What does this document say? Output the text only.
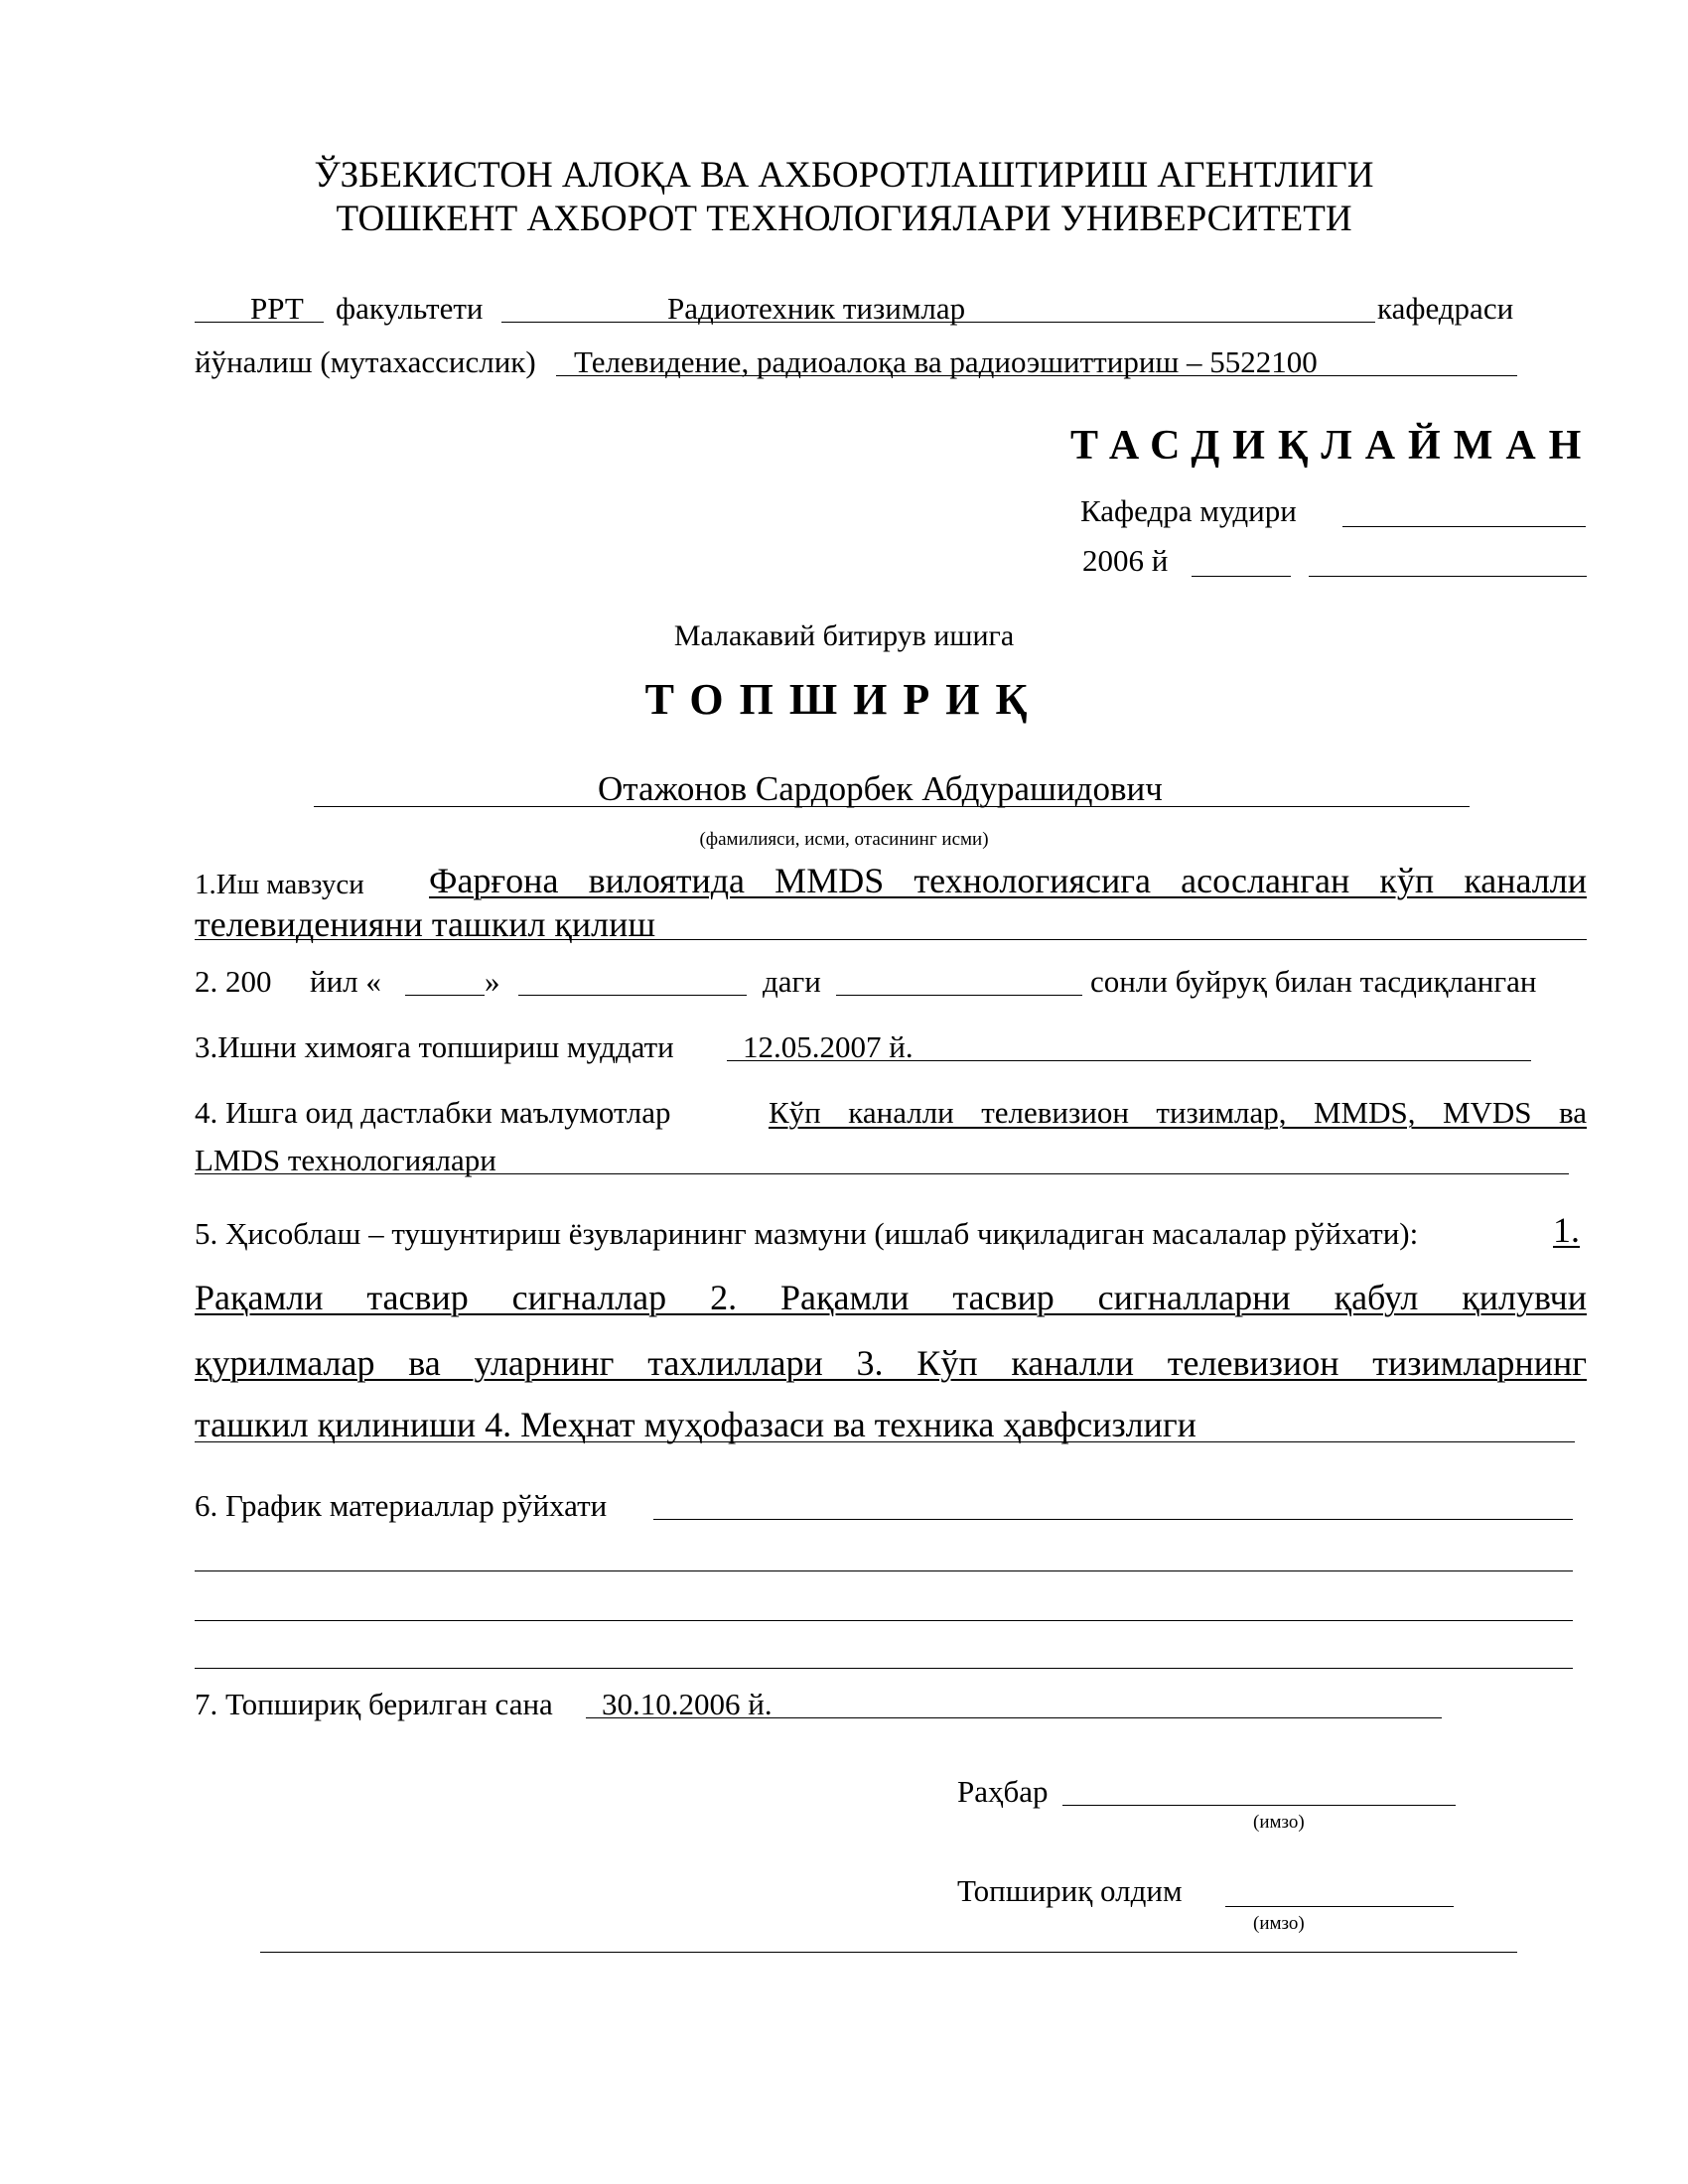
ЎЗБЕКИСТОН АЛОҚА ВА АХБОРОТЛАШТИРИШ АГЕНТЛИГИ
ТОШКЕНТ АХБОРОТ ТЕХНОЛОГИЯЛАРИ УНИВЕРСИТЕТИ
РРТ факультети	Радиотехник тизимлар	кафедраси
йўналиш (мутахассислик) Телевидение, радиоалоқа ва радиоэшиттириш – 5522100
ТАСДИҚЛАЙМАН
Кафедра мудири
2006 й
Малакавий битирув ишига
ТОПШИРИҚ
Отажонов Сардорбек Абдурашидович
(фамилияси, исми, отасининг исми)
1.Иш мавзуси Фарғона вилоятида MMDS технологиясига асосланган кўп каналли
телевиденияни ташкил қилиш
2. 200 йил «	»	даги	сонли буйруқ билан тасдиқланган
3.Ишни химояга топшириш муддати 12.05.2007 й.
4. Ишга оид дастлабки маълумотлар	Кўп каналли телевизион тизимлар, MMDS, MVDS ва
LMDS технологиялари
5. Ҳисоблаш – тушунтириш ёзувларининг мазмуни (ишлаб чиқиладиган масалалар рўйхати):	1.
Рақамли тасвир сигналлар 2. Рақамли тасвир сигналларни қабул қилувчи
қурилмалар ва уларнинг тахлиллари 3. Кўп каналли телевизион тизимларнинг
ташкил қилиниши 4. Меҳнат муҳофазаси ва техника ҳавфсизлиги
6. График материаллар рўйхати
7. Топшириқ берилган сана 30.10.2006 й.
Раҳбар
(имзо)
Топшириқ олдим
(имзо)
